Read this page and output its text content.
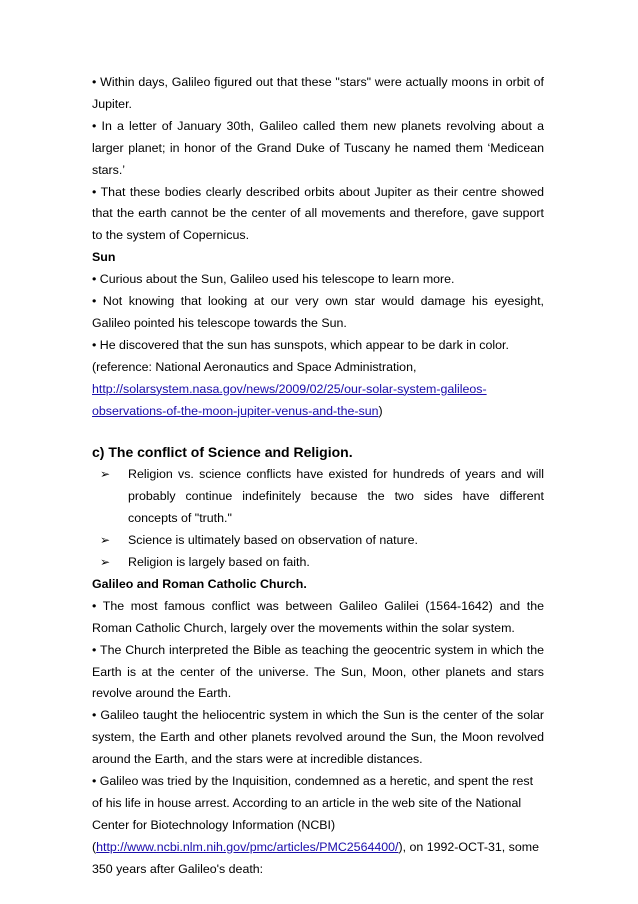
• Within days, Galileo figured out that these "stars" were actually moons in orbit of Jupiter.
• In a letter of January 30th, Galileo called them new planets revolving about a larger planet; in honor of the Grand Duke of Tuscany he named them ‘Medicean stars.’
• That these bodies clearly described orbits about Jupiter as their centre showed that the earth cannot be the center of all movements and therefore, gave support to the system of Copernicus.
Sun
• Curious about the Sun, Galileo used his telescope to learn more.
• Not knowing that looking at our very own star would damage his eyesight, Galileo pointed his telescope towards the Sun.
• He discovered that the sun has sunspots, which appear to be dark in color.
(reference: National Aeronautics and Space Administration,
http://solarsystem.nasa.gov/news/2009/02/25/our-solar-system-galileos-
observations-of-the-moon-jupiter-venus-and-the-sun)
c) The conflict of Science and Religion.
➢ Religion vs. science conflicts have existed for hundreds of years and will probably continue indefinitely because the two sides have different concepts of "truth."
➢ Science is ultimately based on observation of nature.
➢ Religion is largely based on faith.
Galileo and Roman Catholic Church.
• The most famous conflict was between Galileo Galilei (1564-1642) and the Roman Catholic Church, largely over the movements within the solar system.
• The Church interpreted the Bible as teaching the geocentric system in which the Earth is at the center of the universe. The Sun, Moon, other planets and stars revolve around the Earth.
• Galileo taught the heliocentric system in which the Sun is the center of the solar system, the Earth and other planets revolved around the Sun, the Moon revolved around the Earth, and the stars were at incredible distances.
• Galileo was tried by the Inquisition, condemned as a heretic, and spent the rest of his life in house arrest. According to an article in the web site of the National Center for Biotechnology Information (NCBI)
(http://www.ncbi.nlm.nih.gov/pmc/articles/PMC2564400/), on 1992-OCT-31, some 350 years after Galileo's death:
